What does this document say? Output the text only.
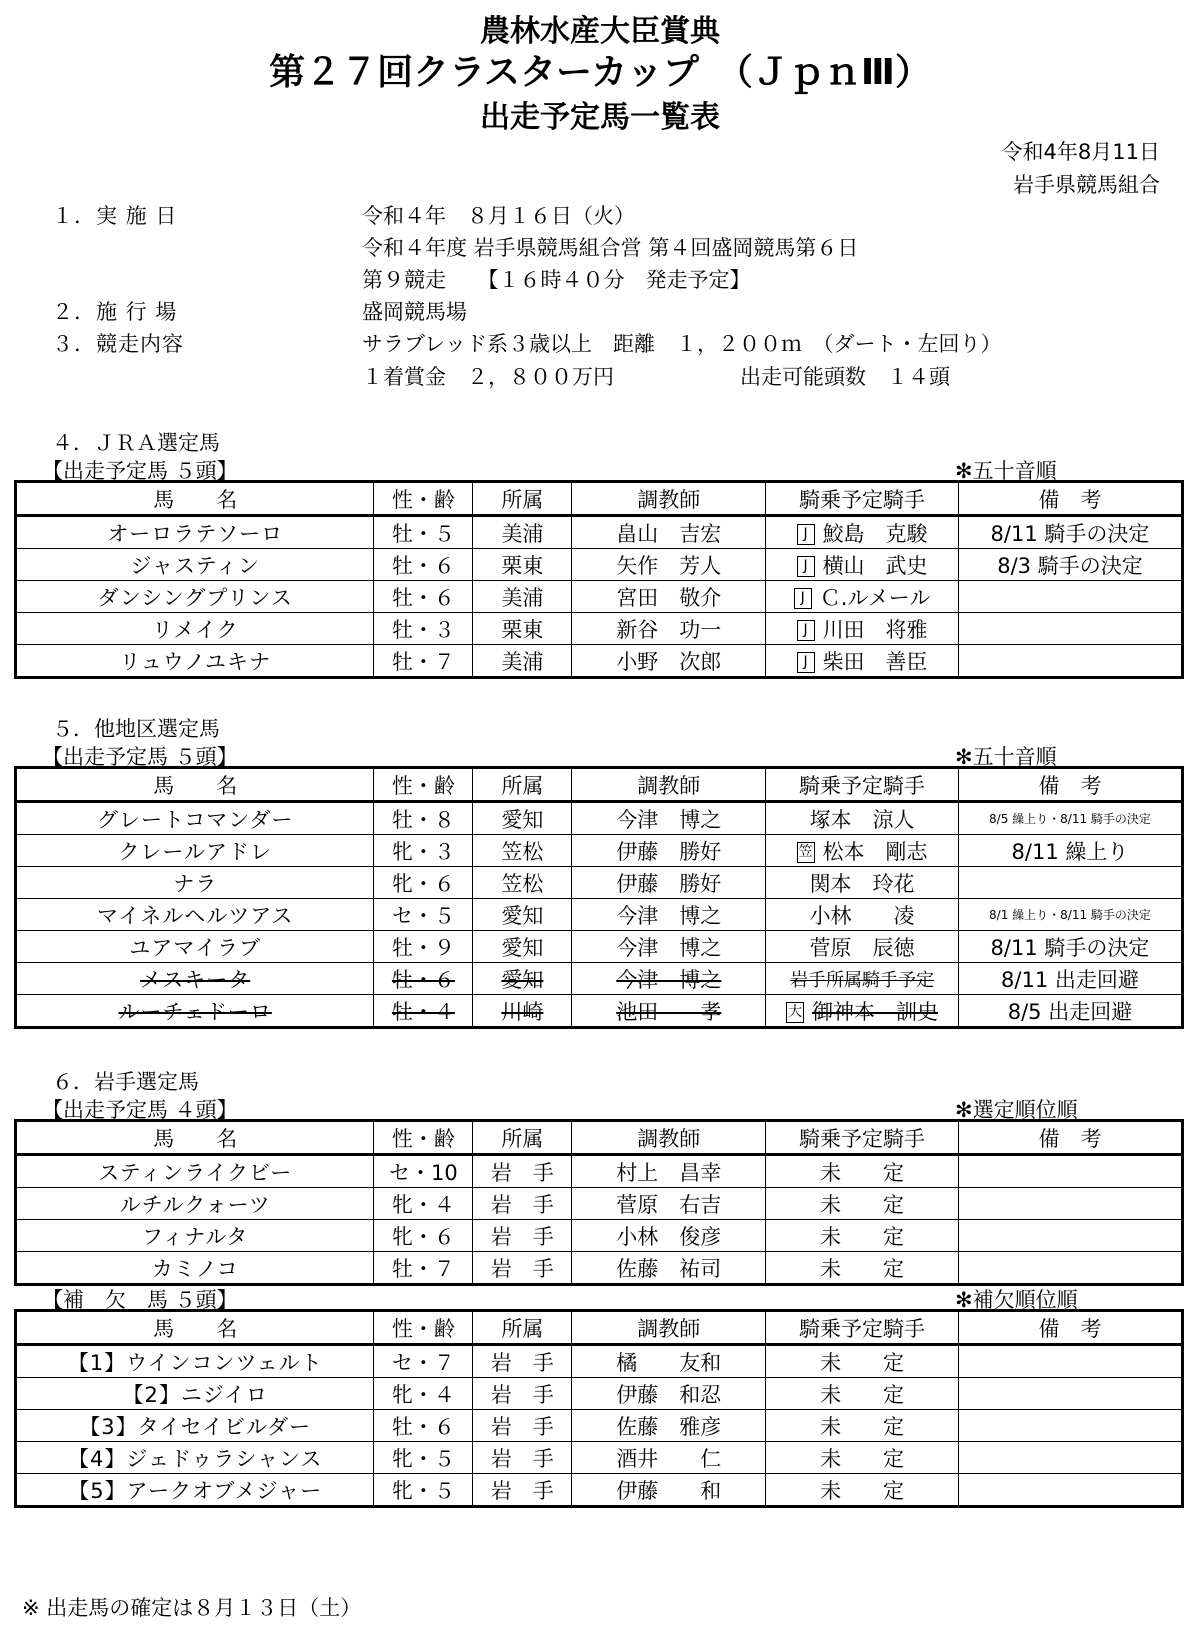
農林水産大臣賞典
第２７回クラスターカップ　（ＪｐｎⅢ）
出走予定馬一覧表
令和4年8月11日
岩手県競馬組合
１．実 施 日	令和４年　８月１６日（火）
令和４年度 岩手県競馬組合営 第４回盛岡競馬第６日
第９競走　　【１６時４０分　発走予定】
２．施 行 場	盛岡競馬場
３．競走内容	サラブレッド系３歳以上　距離　１，２００ｍ　（ダート・左回り）
１着賞金　２，８００万円	出走可能頭数　１４頭
４．ＪＲＡ選定馬
【出走予定馬 ５頭】	✻五十音順
馬　　名	性・齢	所属	調教師	騎乗予定騎手	備　考
オーロラテソーロ	牡・５	美浦	畠山　吉宏	J 鮫島　克駿	8/11 騎手の決定
ジャスティン	牡・６	栗東	矢作　芳人	J 横山　武史	8/3 騎手の決定
ダンシングプリンス	牡・６	美浦	宮田　敬介	J Ｃ.ルメール	
リメイク	牡・３	栗東	新谷　功一	J 川田　将雅	
リュウノユキナ	牡・７	美浦	小野　次郎	J 柴田　善臣	
５．他地区選定馬
【出走予定馬 ５頭】	✻五十音順
馬　　名	性・齢	所属	調教師	騎乗予定騎手	備　考
グレートコマンダー	牡・８	愛知	今津　博之	塚本　涼人	8/5 繰上り・8/11 騎手の決定
クレールアドレ	牝・３	笠松	伊藤　勝好	笠 松本　剛志	8/11 繰上り
ナラ	牝・６	笠松	伊藤　勝好	関本　玲花	
マイネルヘルツアス	セ・５	愛知	今津　博之	小林　　凌	8/1 繰上り・8/11 騎手の決定
ユアマイラブ	牡・９	愛知	今津　博之	菅原　辰徳	8/11 騎手の決定
メスキータ	牡・６	愛知	今津　博之	岩手所属騎手予定	8/11 出走回避
ルーチェドーロ	牡・４	川崎	池田　　孝	大 御神本　訓史	8/5 出走回避
６．岩手選定馬
【出走予定馬 ４頭】	✻選定順位順
馬　　名	性・齢	所属	調教師	騎乗予定騎手	備　考
スティンライクビー	セ・10	岩　手	村上　昌幸	未　　定	
ルチルクォーツ	牝・４	岩　手	菅原　右吉	未　　定	
フィナルタ	牝・６	岩　手	小林　俊彦	未　　定	
カミノコ	牡・７	岩　手	佐藤　祐司	未　　定	
【補　欠　馬 ５頭】	✻補欠順位順
馬　　名	性・齢	所属	調教師	騎乗予定騎手	備　考
【1】ウインコンツェルト	セ・７	岩　手	橘　　友和	未　　定	
【2】ニジイロ	牝・４	岩　手	伊藤　和忍	未　　定	
【3】タイセイビルダー	牡・６	岩　手	佐藤　雅彦	未　　定	
【4】ジェドゥラシャンス	牝・５	岩　手	酒井　　仁	未　　定	
【5】アークオブメジャー	牝・５	岩　手	伊藤　　和	未　　定	
※ 出走馬の確定は８月１３日（土）
